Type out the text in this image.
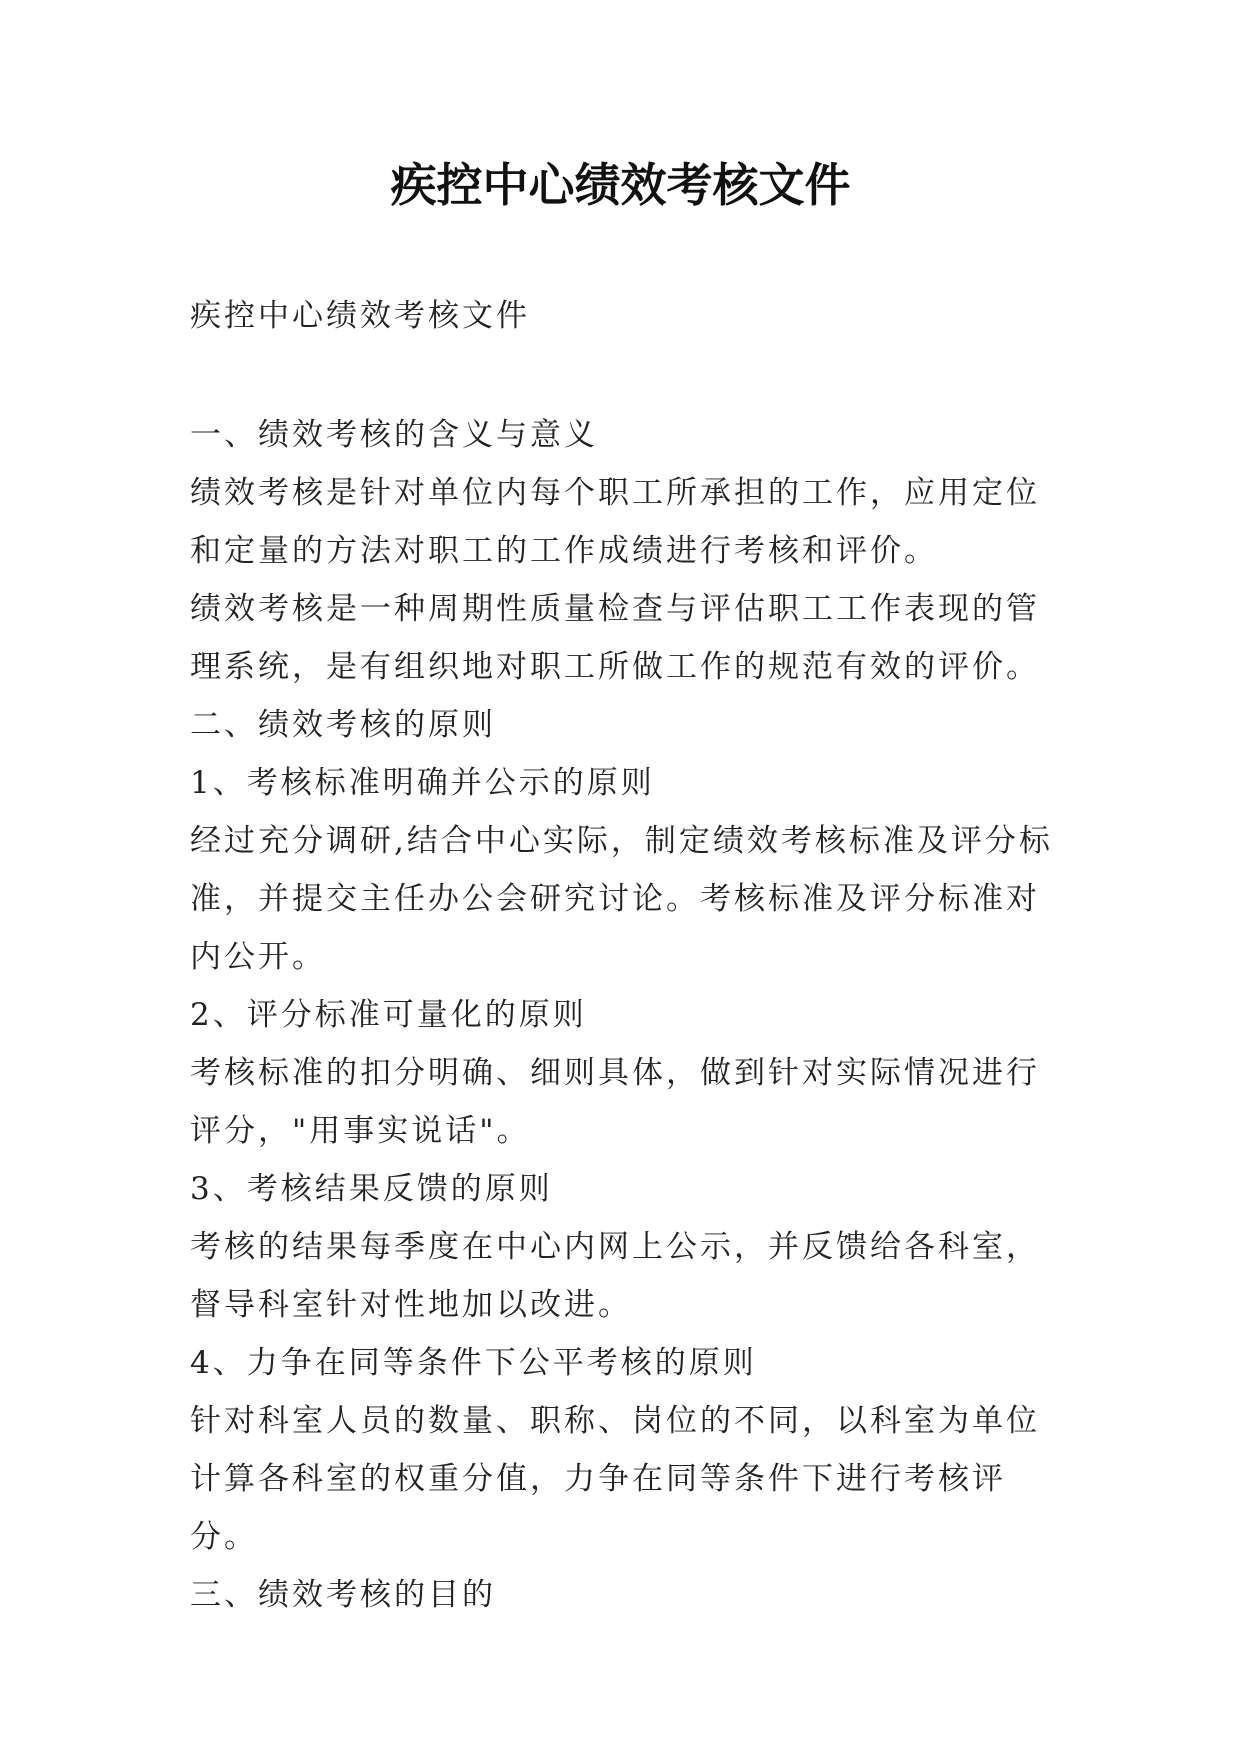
疾控中心绩效考核文件

疾控中心绩效考核文件

一、绩效考核的含义与意义

绩效考核是针对单位内每个职工所承担的工作，应用定位和定量的方法对职工的工作成绩进行考核和评价。

绩效考核是一种周期性质量检查与评估职工工作表现的管理系统，是有组织地对职工所做工作的规范有效的评价。

二、绩效考核的原则

1、考核标准明确并公示的原则

经过充分调研,结合中心实际，制定绩效考核标准及评分标准，并提交主任办公会研究讨论。考核标准及评分标准对内公开。

2、评分标准可量化的原则

考核标准的扣分明确、细则具体，做到针对实际情况进行评分，"用事实说话"。

3、考核结果反馈的原则

考核的结果每季度在中心内网上公示，并反馈给各科室，督导科室针对性地加以改进。

4、力争在同等条件下公平考核的原则

针对科室人员的数量、职称、岗位的不同，以科室为单位计算各科室的权重分值，力争在同等条件下进行考核评分。

三、绩效考核的目的
